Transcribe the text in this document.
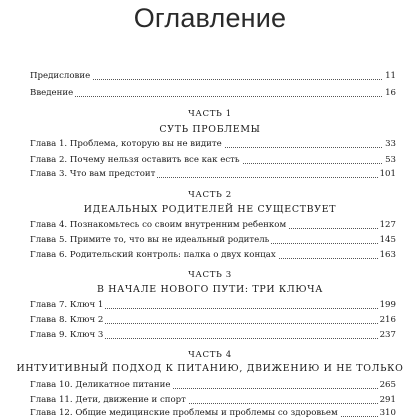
Оглавление
Предисловие	11
Введение	16
ЧАСТЬ 1
СУТЬ ПРОБЛЕМЫ
Глава 1. Проблема, которую вы не видите	33
Глава 2. Почему нельзя оставить все как есть	53
Глава 3. Что вам предстоит	101
ЧАСТЬ 2
ИДЕАЛЬНЫХ РОДИТЕЛЕЙ НЕ СУЩЕСТВУЕТ
Глава 4. Познакомьтесь со своим внутренним ребенком	127
Глава 5. Примите то, что вы не идеальный родитель	145
Глава 6. Родительский контроль: палка о двух концах	163
ЧАСТЬ 3
В НАЧАЛЕ НОВОГО ПУТИ: ТРИ КЛЮЧА
Глава 7. Ключ 1	199
Глава 8. Ключ 2	216
Глава 9. Ключ 3	237
ЧАСТЬ 4
ИНТУИТИВНЫЙ ПОДХОД К ПИТАНИЮ, ДВИЖЕНИЮ И НЕ ТОЛЬКО
Глава 10. Деликатное питание	265
Глава 11. Дети, движение и спорт	291
Глава 12. Общие медицинские проблемы и проблемы со здоровьем	310
